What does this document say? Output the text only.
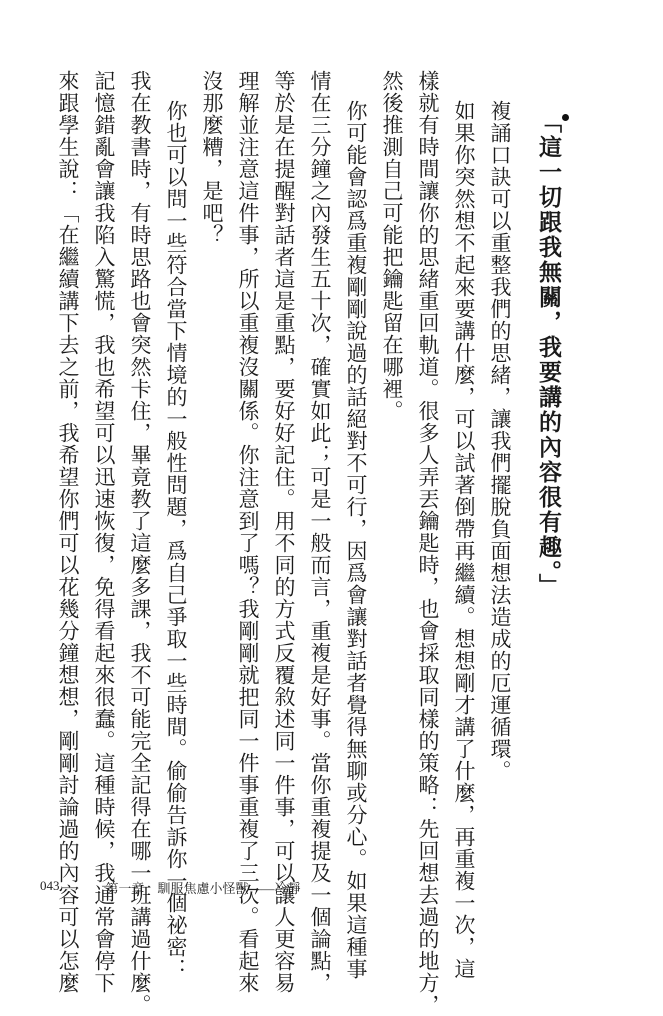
「這一切跟我無關，我要講的內容很有趣。」
複誦口訣可以重整我們的思緒，讓我們擺脫負面想法造成的厄運循環。
如果你突然想不起來要講什麼，可以試著倒帶再繼續。想想剛才講了什麼，再重複一次，這
樣就有時間讓你的思緒重回軌道。很多人弄丟鑰匙時，也會採取同樣的策略：先回想去過的地方，
然後推測自己可能把鑰匙留在哪裡。
你可能會認爲重複剛剛說過的話絕對不可行，因爲會讓對話者覺得無聊或分心。如果這種事
情在三分鐘之內發生五十次，確實如此；可是一般而言，重複是好事。當你重複提及一個論點，
等於是在提醒對話者這是重點，要好好記住。用不同的方式反覆敘述同一件事，可以讓人更容易
理解並注意這件事，所以重複沒關係。你注意到了嗎？我剛剛就把同一件事重複了三次。看起來
沒那麼糟，是吧？
你也可以問一些符合當下情境的一般性問題，爲自己爭取一些時間。偷偷告訴你一個祕密：
我在教書時，有時思路也會突然卡住，畢竟教了這麼多課，我不可能完全記得在哪一班講過什麼。
記憶錯亂會讓我陷入驚慌，我也希望可以迅速恢復，免得看起來很蠢。這種時候，我通常會停下
來跟學生說：「在繼續講下去之前，我希望你們可以花幾分鐘想想，剛剛討論過的內容可以怎麼
043	第一章　馴服焦慮小怪獸——冷靜
